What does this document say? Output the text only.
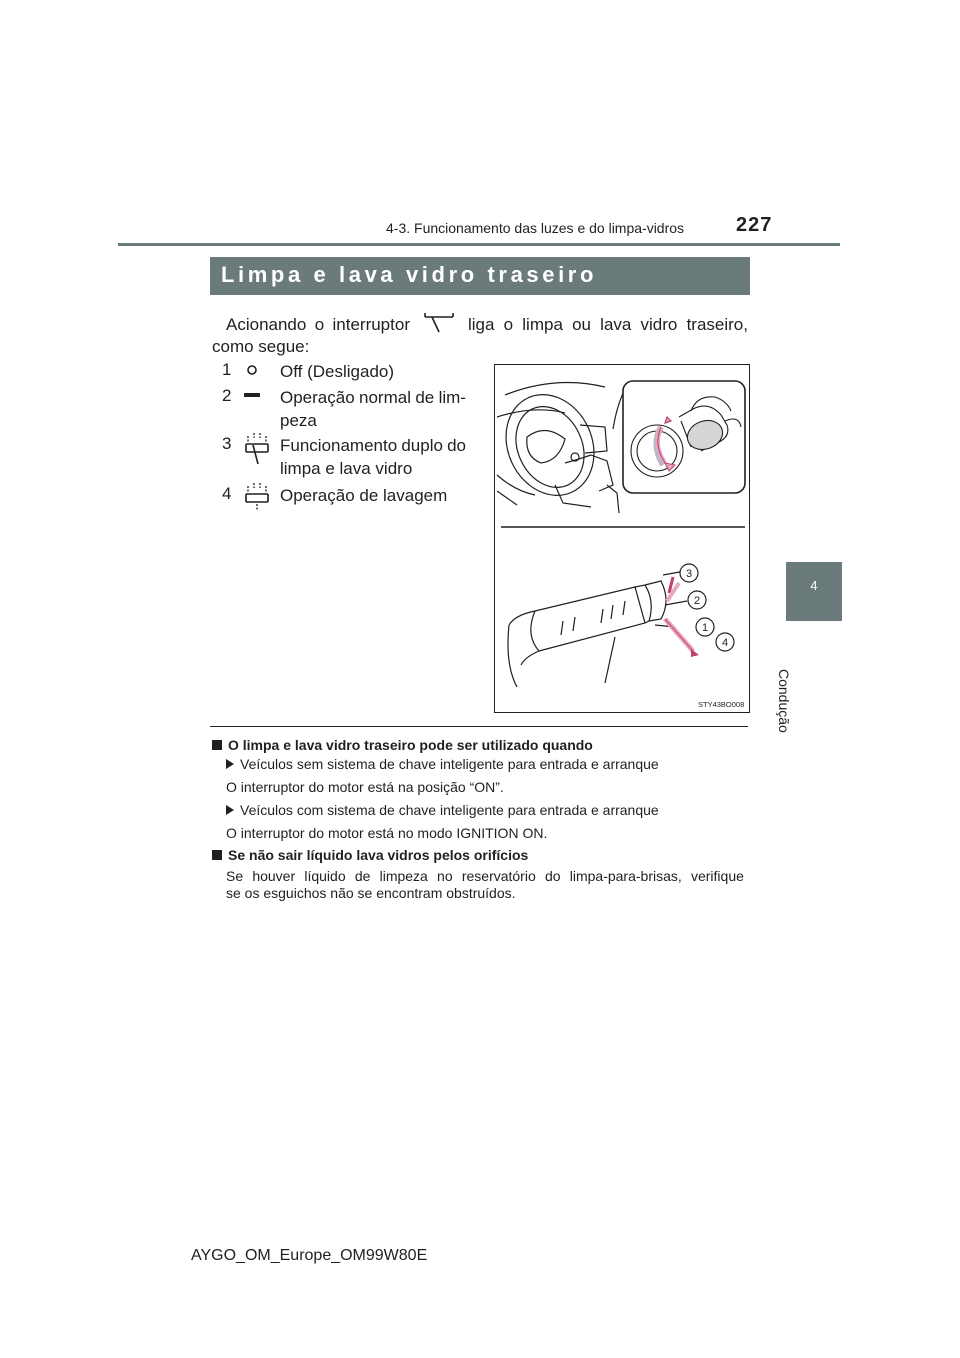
4-3. Funcionamento das luzes e do limpa-vidros	227
4
Condução
Limpa e lava vidro traseiro
Acionando o interruptor	liga o limpa ou lava vidro traseiro,
como segue:
1	Off (Desligado)
2	Operação normal de lim-
peza
3	Funcionamento duplo do
limpa e lava vidro
4	Operação de lavagem
3
2
1
4
STY43BO008
O limpa e lava vidro traseiro pode ser utilizado quando
Veículos sem sistema de chave inteligente para entrada e arranque
O interruptor do motor está na posição “ON”.
Veículos com sistema de chave inteligente para entrada e arranque
O interruptor do motor está no modo IGNITION ON.
Se não sair líquido lava vidros pelos orifícios
Se houver líquido de limpeza no reservatório do limpa-para-brisas, verifique
se os esguichos não se encontram obstruídos.
AYGO_OM_Europe_OM99W80E
